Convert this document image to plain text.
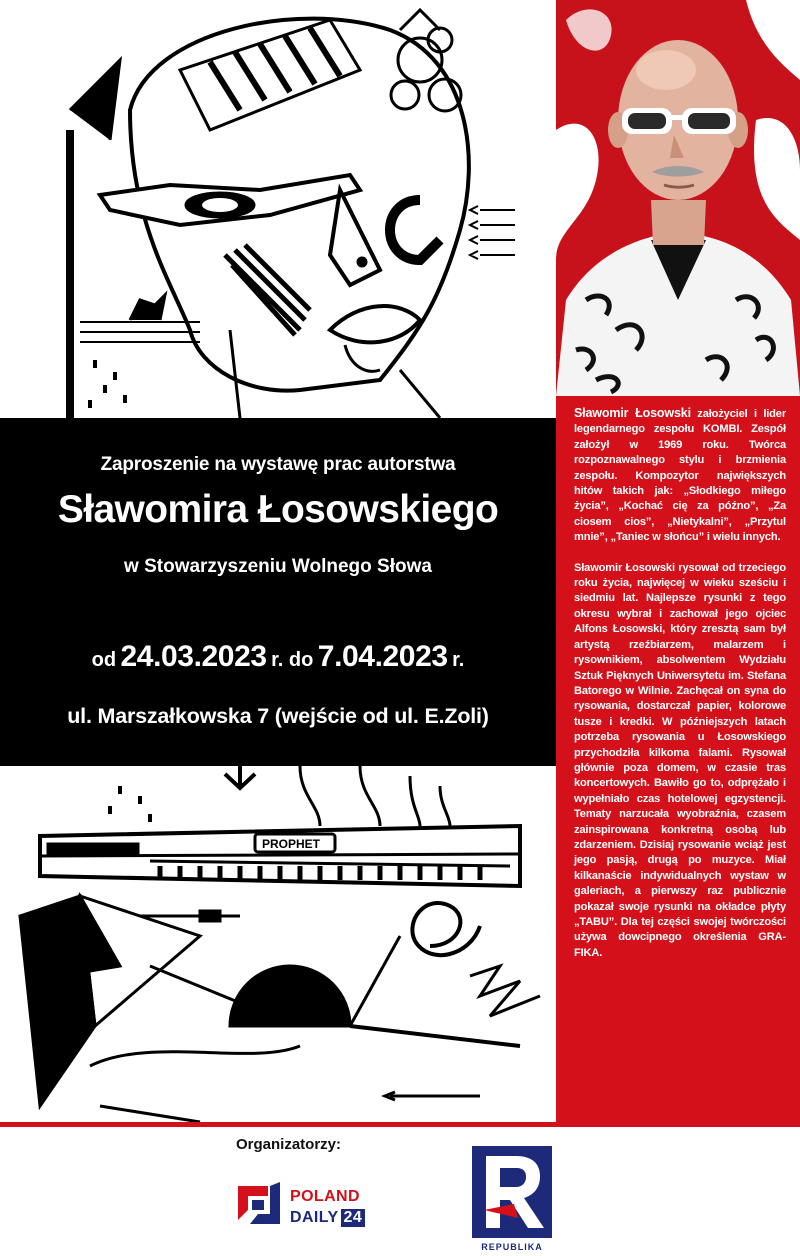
Zaproszenie na wystawę prac autorstwa
Sławomira Łosowskiego
w Stowarzyszeniu Wolnego Słowa
od 24.03.2023 r. do 7.04.2023 r.
ul. Marszałkowska 7 (wejście od ul. E.Zoli)

Sławomir Łosowski założyciel i lider legendarnego zespołu KOMBI. Zespół założył w 1969 roku. Twórca rozpoznawalnego stylu i brzmienia zespołu. Kompozytor największych hitów takich jak: „Słodkiego miłego życia”, „Kochać cię za późno”, „Za ciosem cios”, „Nietykalni”, „Przytul mnie”, „Taniec w słońcu” i wielu innych.

Sławomir Łosowski rysował od trzeciego roku życia, najwięcej w wieku sześciu i siedmiu lat. Najlepsze rysunki z tego okresu wybrał i zachował jego ojciec Alfons Łosowski, który zresztą sam był artystą rzeźbiarzem, malarzem i rysownikiem, absolwentem Wydziału Sztuk Pięknych Uniwersytetu im. Stefana Batorego w Wilnie. Zachęcał on syna do rysowania, dostarczał papier, kolorowe tusze i kredki. W późniejszych latach potrzeba rysowania u Łosowskiego przychodziła kilkoma falami. Rysował głównie poza domem, w czasie tras koncertowych. Bawiło go to, odprężało i wypełniało czas hotelowej egzystencji. Tematy narzucała wyobraźnia, czasem zainspirowana konkretną osobą lub zdarzeniem. Dzisiaj rysowanie wciąż jest jego pasją, drugą po muzyce. Miał kilkanaście indywidualnych wystaw w galeriach, a pierwszy raz publicznie pokazał swoje rysunki na okładce płyty „TABU”. Dla tej części swojej twórczości używa dowcipnego określenia GRA-FIKA.

PROPHET
Organizatorzy:
POLAND
DAILY 24
REPUBLIKA
